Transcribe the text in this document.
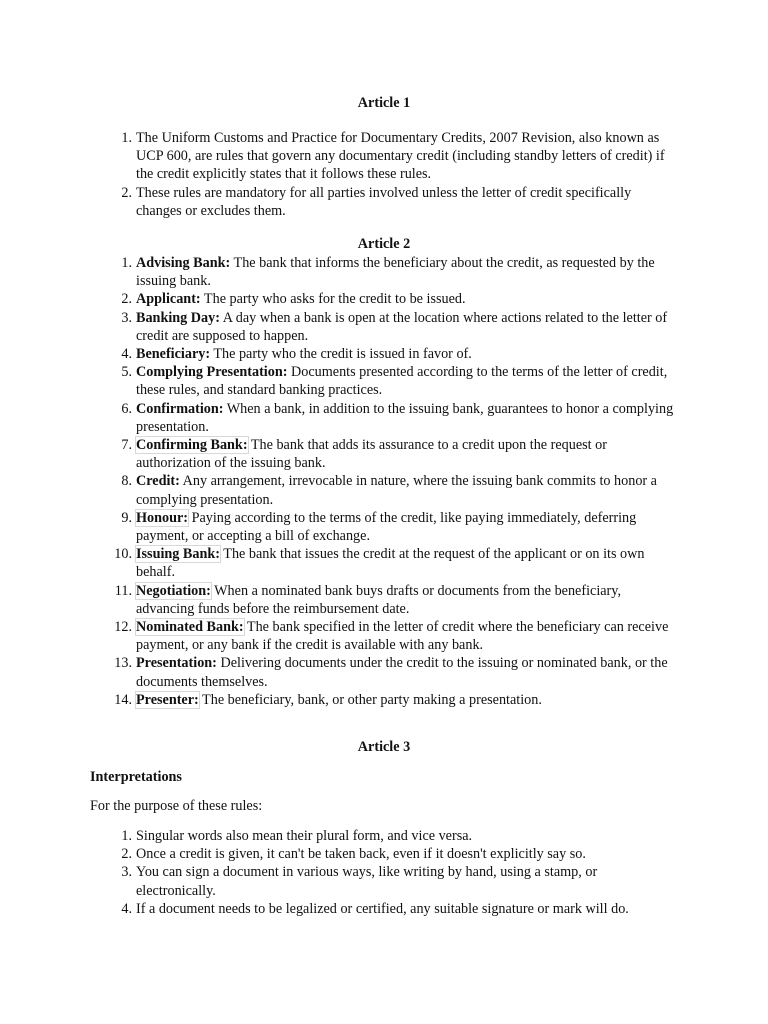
Article 1
1. The Uniform Customs and Practice for Documentary Credits, 2007 Revision, also known as UCP 600, are rules that govern any documentary credit (including standby letters of credit) if the credit explicitly states that it follows these rules.
2. These rules are mandatory for all parties involved unless the letter of credit specifically changes or excludes them.
Article 2
1. Advising Bank: The bank that informs the beneficiary about the credit, as requested by the issuing bank.
2. Applicant: The party who asks for the credit to be issued.
3. Banking Day: A day when a bank is open at the location where actions related to the letter of credit are supposed to happen.
4. Beneficiary: The party who the credit is issued in favor of.
5. Complying Presentation: Documents presented according to the terms of the letter of credit, these rules, and standard banking practices.
6. Confirmation: When a bank, in addition to the issuing bank, guarantees to honor a complying presentation.
7. Confirming Bank: The bank that adds its assurance to a credit upon the request or authorization of the issuing bank.
8. Credit: Any arrangement, irrevocable in nature, where the issuing bank commits to honor a complying presentation.
9. Honour: Paying according to the terms of the credit, like paying immediately, deferring payment, or accepting a bill of exchange.
10. Issuing Bank: The bank that issues the credit at the request of the applicant or on its own behalf.
11. Negotiation: When a nominated bank buys drafts or documents from the beneficiary, advancing funds before the reimbursement date.
12. Nominated Bank: The bank specified in the letter of credit where the beneficiary can receive payment, or any bank if the credit is available with any bank.
13. Presentation: Delivering documents under the credit to the issuing or nominated bank, or the documents themselves.
14. Presenter: The beneficiary, bank, or other party making a presentation.
Article 3
Interpretations
For the purpose of these rules:
1. Singular words also mean their plural form, and vice versa.
2. Once a credit is given, it can't be taken back, even if it doesn't explicitly say so.
3. You can sign a document in various ways, like writing by hand, using a stamp, or electronically.
4. If a document needs to be legalized or certified, any suitable signature or mark will do.
